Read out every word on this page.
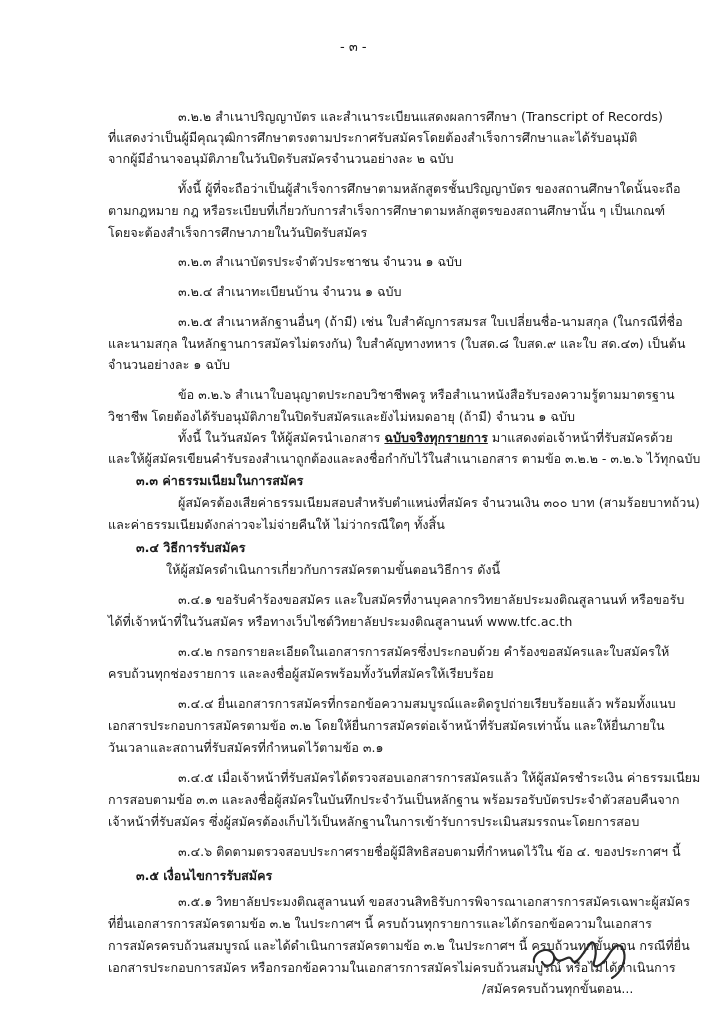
- ๓ -
๓.๒.๒ สำเนาปริญญาบัตร และสำเนาระเบียนแสดงผลการศึกษา (Transcript of Records)
ที่แสดงว่าเป็นผู้มีคุณวุฒิการศึกษาตรงตามประกาศรับสมัครโดยต้องสำเร็จการศึกษาและได้รับอนุมัติ
จากผู้มีอำนาจอนุมัติภายในวันปิดรับสมัครจำนวนอย่างละ ๒ ฉบับ
ทั้งนี้ ผู้ที่จะถือว่าเป็นผู้สำเร็จการศึกษาตามหลักสูตรชั้นปริญญาบัตร ของสถานศึกษาใดนั้นจะถือ
ตามกฎหมาย กฎ หรือระเบียบที่เกี่ยวกับการสำเร็จการศึกษาตามหลักสูตรของสถานศึกษานั้น ๆ เป็นเกณฑ์
โดยจะต้องสำเร็จการศึกษาภายในวันปิดรับสมัคร
๓.๒.๓ สำเนาบัตรประจำตัวประชาชน จำนวน ๑ ฉบับ
๓.๒.๔ สำเนาทะเบียนบ้าน จำนวน ๑ ฉบับ
๓.๒.๕ สำเนาหลักฐานอื่นๆ (ถ้ามี) เช่น ใบสำคัญการสมรส ใบเปลี่ยนชื่อ-นามสกุล (ในกรณีที่ชื่อ
และนามสกุล ในหลักฐานการสมัครไม่ตรงกัน) ใบสำคัญทางทหาร (ใบสด.๘ ใบสด.๙ และใบ สด.๔๓) เป็นต้น
จำนวนอย่างละ ๑ ฉบับ
ข้อ ๓.๒.๖ สำเนาใบอนุญาตประกอบวิชาชีพครู หรือสำเนาหนังสือรับรองความรู้ตามมาตรฐาน
วิชาชีพ โดยต้องได้รับอนุมัติภายในปิดรับสมัครและยังไม่หมดอายุ (ถ้ามี) จำนวน ๑ ฉบับ
ทั้งนี้ ในวันสมัคร ให้ผู้สมัครนำเอกสาร ฉบับจริงทุกรายการ มาแสดงต่อเจ้าหน้าที่รับสมัครด้วย
และให้ผู้สมัครเขียนคำรับรองสำเนาถูกต้องและลงชื่อกำกับไว้ในสำเนาเอกสาร ตามข้อ ๓.๒.๒ - ๓.๒.๖ ไว้ทุกฉบับ
๓.๓ ค่าธรรมเนียมในการสมัคร
ผู้สมัครต้องเสียค่าธรรมเนียมสอบสำหรับตำแหน่งที่สมัคร จำนวนเงิน ๓๐๐ บาท (สามร้อยบาทถ้วน)
และค่าธรรมเนียมดังกล่าวจะไม่จ่ายคืนให้ ไม่ว่ากรณีใดๆ ทั้งสิ้น
๓.๔ วิธีการรับสมัคร
ให้ผู้สมัครดำเนินการเกี่ยวกับการสมัครตามขั้นตอนวิธีการ ดังนี้
๓.๔.๑ ขอรับคำร้องขอสมัคร และใบสมัครที่งานบุคลากรวิทยาลัยประมงติณสูลานนท์ หรือขอรับ
ได้ที่เจ้าหน้าที่ในวันสมัคร หรือทางเว็บไซต์วิทยาลัยประมงติณสูลานนท์ www.tfc.ac.th
๓.๔.๒ กรอกรายละเอียดในเอกสารการสมัครซึ่งประกอบด้วย คำร้องขอสมัครและใบสมัครให้
ครบถ้วนทุกช่องรายการ และลงชื่อผู้สมัครพร้อมทั้งวันที่สมัครให้เรียบร้อย
๓.๔.๔ ยื่นเอกสารการสมัครที่กรอกข้อความสมบูรณ์และติดรูปถ่ายเรียบร้อยแล้ว พร้อมทั้งแนบ
เอกสารประกอบการสมัครตามข้อ ๓.๒ โดยให้ยื่นการสมัครต่อเจ้าหน้าที่รับสมัครเท่านั้น และให้ยื่นภายใน
วันเวลาและสถานที่รับสมัครที่กำหนดไว้ตามข้อ ๓.๑
๓.๔.๕ เมื่อเจ้าหน้าที่รับสมัครได้ตรวจสอบเอกสารการสมัครแล้ว ให้ผู้สมัครชำระเงิน ค่าธรรมเนียม
การสอบตามข้อ ๓.๓ และลงชื่อผู้สมัครในบันทึกประจำวันเป็นหลักฐาน พร้อมรอรับบัตรประจำตัวสอบคืนจาก
เจ้าหน้าที่รับสมัคร ซึ่งผู้สมัครต้องเก็บไว้เป็นหลักฐานในการเข้ารับการประเมินสมรรถนะโดยการสอบ
๓.๔.๖ ติดตามตรวจสอบประกาศรายชื่อผู้มีสิทธิสอบตามที่กำหนดไว้ใน ข้อ ๔. ของประกาศฯ นี้
๓.๕ เงื่อนไขการรับสมัคร
๓.๕.๑ วิทยาลัยประมงติณสูลานนท์ ขอสงวนสิทธิรับการพิจารณาเอกสารการสมัครเฉพาะผู้สมัคร
ที่ยื่นเอกสารการสมัครตามข้อ ๓.๒ ในประกาศฯ นี้ ครบถ้วนทุกรายการและได้กรอกข้อความในเอกสาร
การสมัครครบถ้วนสมบูรณ์ และได้ดำเนินการสมัครตามข้อ ๓.๒ ในประกาศฯ นี้ ครบถ้วนทุกขั้นตอน กรณีที่ยื่น
เอกสารประกอบการสมัคร หรือกรอกข้อความในเอกสารการสมัครไม่ครบถ้วนสมบูรณ์ หรือไม่ได้ดำเนินการ
/สมัครครบถ้วนทุกขั้นตอน...
